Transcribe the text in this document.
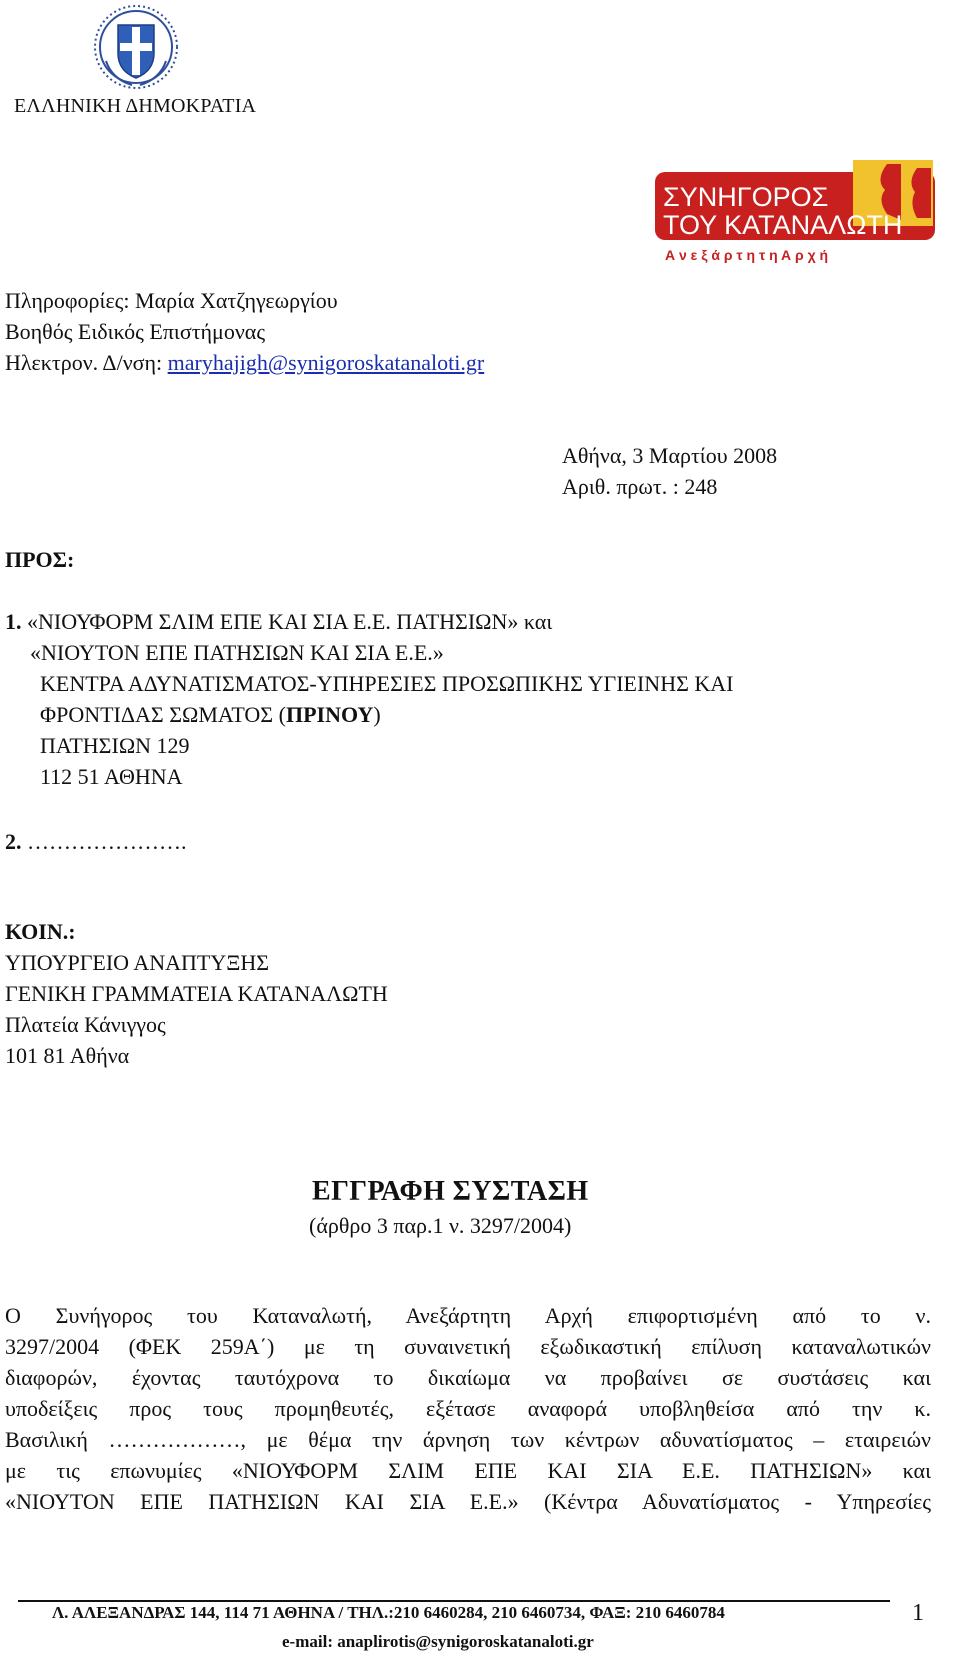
ΕΛΛΗΝΙΚΗ ΔΗΜΟΚΡΑΤΙΑ
ΣΥΝΗΓΟΡΟΣ
ΤΟΥ ΚΑΤΑΝΑΛΩΤΗ
Α ν ε ξ ά ρ τ η τ η Α ρ χ ή
Πληροφορίες: Μαρία Χατζηγεωργίου
Βοηθός Ειδικός Επιστήμονας
Ηλεκτρον. Δ/νση: maryhajigh@synigoroskatanaloti.gr
Αθήνα, 3 Μαρτίου 2008
Αριθ. πρωτ. : 248
ΠΡΟΣ:
1. «ΝΙΟΥΦΟΡΜ ΣΛΙΜ ΕΠΕ ΚΑΙ ΣΙΑ Ε.Ε. ΠΑΤΗΣΙΩΝ» και
«ΝΙΟΥΤΟΝ ΕΠΕ ΠΑΤΗΣΙΩΝ ΚΑΙ ΣΙΑ Ε.Ε.»
ΚΕΝΤΡΑ ΑΔΥΝΑΤΙΣΜΑΤΟΣ-ΥΠΗΡΕΣΙΕΣ ΠΡΟΣΩΠΙΚΗΣ ΥΓΙΕΙΝΗΣ ΚΑΙ
ΦΡΟΝΤΙΔΑΣ ΣΩΜΑΤΟΣ (ΠΡΙΝΟΥ)
ΠΑΤΗΣΙΩΝ 129
112 51 ΑΘΗΝΑ
2. ………………….
ΚΟΙΝ.:
ΥΠΟΥΡΓΕΙΟ ΑΝΑΠΤΥΞΗΣ
ΓΕΝΙΚΗ ΓΡΑΜΜΑΤΕΙΑ ΚΑΤΑΝΑΛΩΤΗ
Πλατεία Κάνιγγος
101 81 Αθήνα
ΕΓΓΡΑΦΗ ΣΥΣΤΑΣΗ
(άρθρο 3 παρ.1 ν. 3297/2004)

Ο Συνήγορος του Καταναλωτή, Ανεξάρτητη Αρχή επιφορτισμένη από το ν.

3297/2004 (ΦΕΚ 259Α΄) με τη συναινετική εξωδικαστική επίλυση καταναλωτικών

διαφορών, έχοντας ταυτόχρονα το δικαίωμα να προβαίνει σε συστάσεις και

υποδείξεις προς τους προμηθευτές, εξέτασε αναφορά υποβληθείσα από την κ.

Βασιλική ………………, με θέμα την άρνηση των κέντρων αδυνατίσματος – εταιρειών

με τις επωνυμίες «ΝΙΟΥΦΟΡΜ ΣΛΙΜ ΕΠΕ ΚΑΙ ΣΙΑ Ε.Ε. ΠΑΤΗΣΙΩΝ» και

«ΝΙΟΥΤΟΝ ΕΠΕ ΠΑΤΗΣΙΩΝ ΚΑΙ ΣΙΑ Ε.Ε.» (Κέντρα Αδυνατίσματος - Υπηρεσίες

Λ. ΑΛΕΞΑΝΔΡΑΣ 144, 114 71 ΑΘΗΝΑ / ΤΗΛ.:210 6460284, 210 6460734, ΦΑΞ: 210 6460784	1
e-mail: anaplirotis@synigoroskatanaloti.gr
